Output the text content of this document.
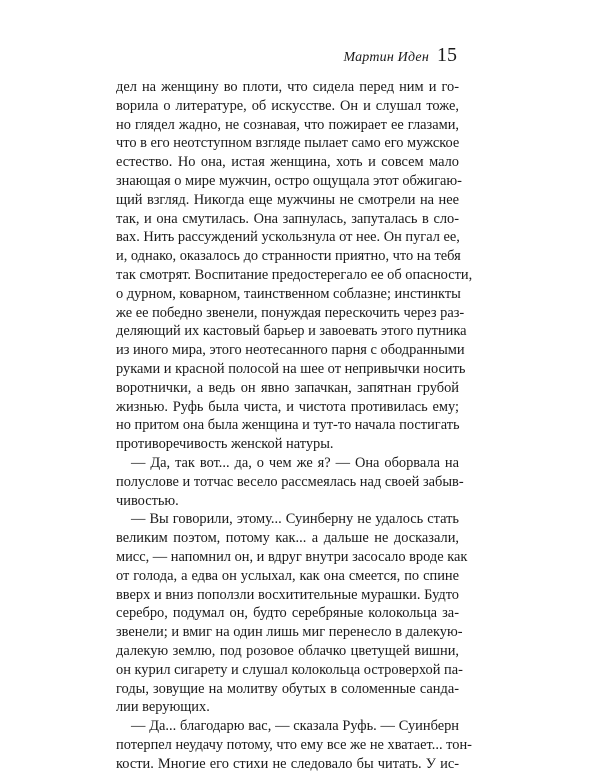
Мартин Иден 15
дел на женщину во плоти, что сидела перед ним и го-
ворила о литературе, об искусстве. Он и слушал тоже,
но глядел жадно, не сознавая, что пожирает ее глазами,
что в его неотступном взгляде пылает само его мужское
естество. Но она, истая женщина, хоть и совсем мало
знающая о мире мужчин, остро ощущала этот обжигаю-
щий взгляд. Никогда еще мужчины не смотрели на нее
так, и она смутилась. Она запнулась, запуталась в сло-
вах. Нить рассуждений ускользнула от нее. Он пугал ее,
и, однако, оказалось до странности приятно, что на тебя
так смотрят. Воспитание предостерегало ее об опасности,
о дурном, коварном, таинственном соблазне; инстинкты
же ее победно звенели, понуждая перескочить через раз-
деляющий их кастовый барьер и завоевать этого путника
из иного мира, этого неотесанного парня с ободранными
руками и красной полосой на шее от непривычки носить
воротнички, а ведь он явно запачкан, запятнан грубой
жизнью. Руфь была чиста, и чистота противилась ему;
но притом она была женщина и тут-то начала постигать
противоречивость женской натуры.
— Да, так вот... да, о чем же я? — Она оборвала на
полуслове и тотчас весело рассмеялась над своей забыв-
чивостью.
— Вы говорили, этому... Суинберну не удалось стать
великим поэтом, потому как... а дальше не досказали,
мисс, — напомнил он, и вдруг внутри засосало вроде как
от голода, а едва он услыхал, как она смеется, по спине
вверх и вниз поползли восхитительные мурашки. Будто
серебро, подумал он, будто серебряные колокольца за-
звенели; и вмиг на один лишь миг перенесло в далекую-
далекую землю, под розовое облачко цветущей вишни,
он курил сигарету и слушал колокольца островерхой па-
годы, зовущие на молитву обутых в соломенные санда-
лии верующих.
— Да... благодарю вас, — сказала Руфь. — Суинберн
потерпел неудачу потому, что ему все же не хватает... тон-
кости. Многие его стихи не следовало бы читать. У ис-
